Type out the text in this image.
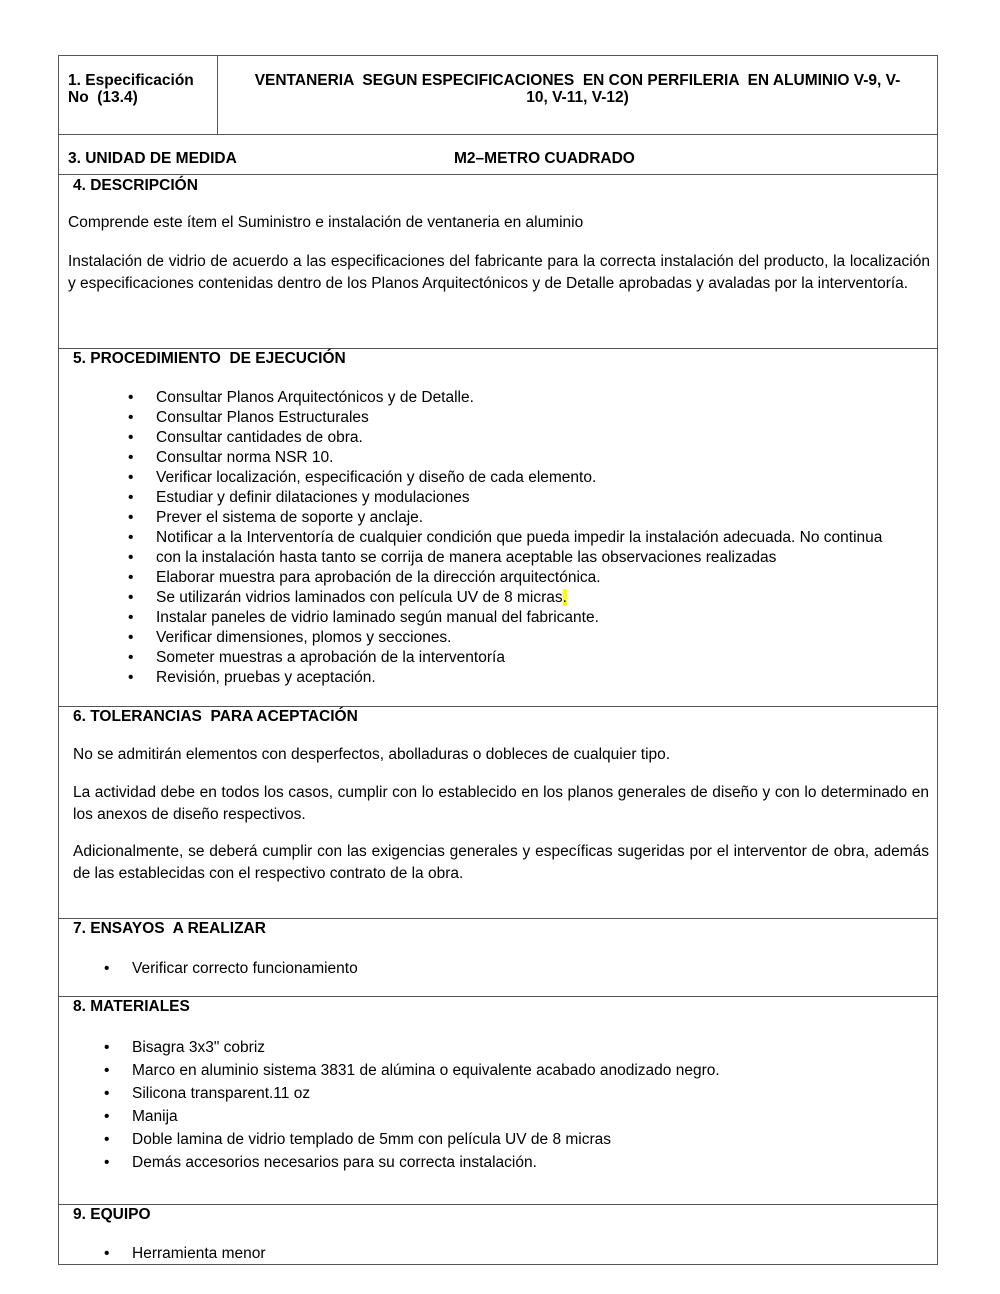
1. Especificación
No  (13.4)
VENTANERIA  SEGUN ESPECIFICACIONES  EN CON PERFILERIA  EN ALUMINIO V-9, V-
10, V-11, V-12)
3. UNIDAD DE MEDIDA	M2–METRO CUADRADO
4. DESCRIPCIÓN

Comprende este ítem el Suministro e instalación de ventaneria en aluminio

Instalación de vidrio de acuerdo a las especificaciones del fabricante para la correcta instalación del producto, la localización y especificaciones contenidas dentro de los Planos Arquitectónicos y de Detalle aprobadas y avaladas por la interventoría.

5. PROCEDIMIENTO  DE EJECUCIÓN
• Consultar Planos Arquitectónicos y de Detalle.
• Consultar Planos Estructurales
• Consultar cantidades de obra.
• Consultar norma NSR 10.
• Verificar localización, especificación y diseño de cada elemento.
• Estudiar y definir dilataciones y modulaciones
• Prever el sistema de soporte y anclaje.
• Notificar a la Interventoría de cualquier condición que pueda impedir la instalación adecuada. No continua
• con la instalación hasta tanto se corrija de manera aceptable las observaciones realizadas
• Elaborar muestra para aprobación de la dirección arquitectónica.
• Se utilizarán vidrios laminados con película UV de 8 micras.
• Instalar paneles de vidrio laminado según manual del fabricante.
• Verificar dimensiones, plomos y secciones.
• Someter muestras a aprobación de la interventoría
• Revisión, pruebas y aceptación.
6. TOLERANCIAS  PARA ACEPTACIÓN

No se admitirán elementos con desperfectos, abolladuras o dobleces de cualquier tipo.

La actividad debe en todos los casos, cumplir con lo establecido en los planos generales de diseño y con lo determinado en los anexos de diseño respectivos.

Adicionalmente, se deberá cumplir con las exigencias generales y específicas sugeridas por el interventor de obra, además de las establecidas con el respectivo contrato de la obra.

7. ENSAYOS  A REALIZAR
• Verificar correcto funcionamiento
8. MATERIALES
• Bisagra 3x3" cobriz
• Marco en aluminio sistema 3831 de alúmina o equivalente acabado anodizado negro.
• Silicona transparent.11 oz
• Manija
• Doble lamina de vidrio templado de 5mm con película UV de 8 micras
• Demás accesorios necesarios para su correcta instalación.
9. EQUIPO
• Herramienta menor
